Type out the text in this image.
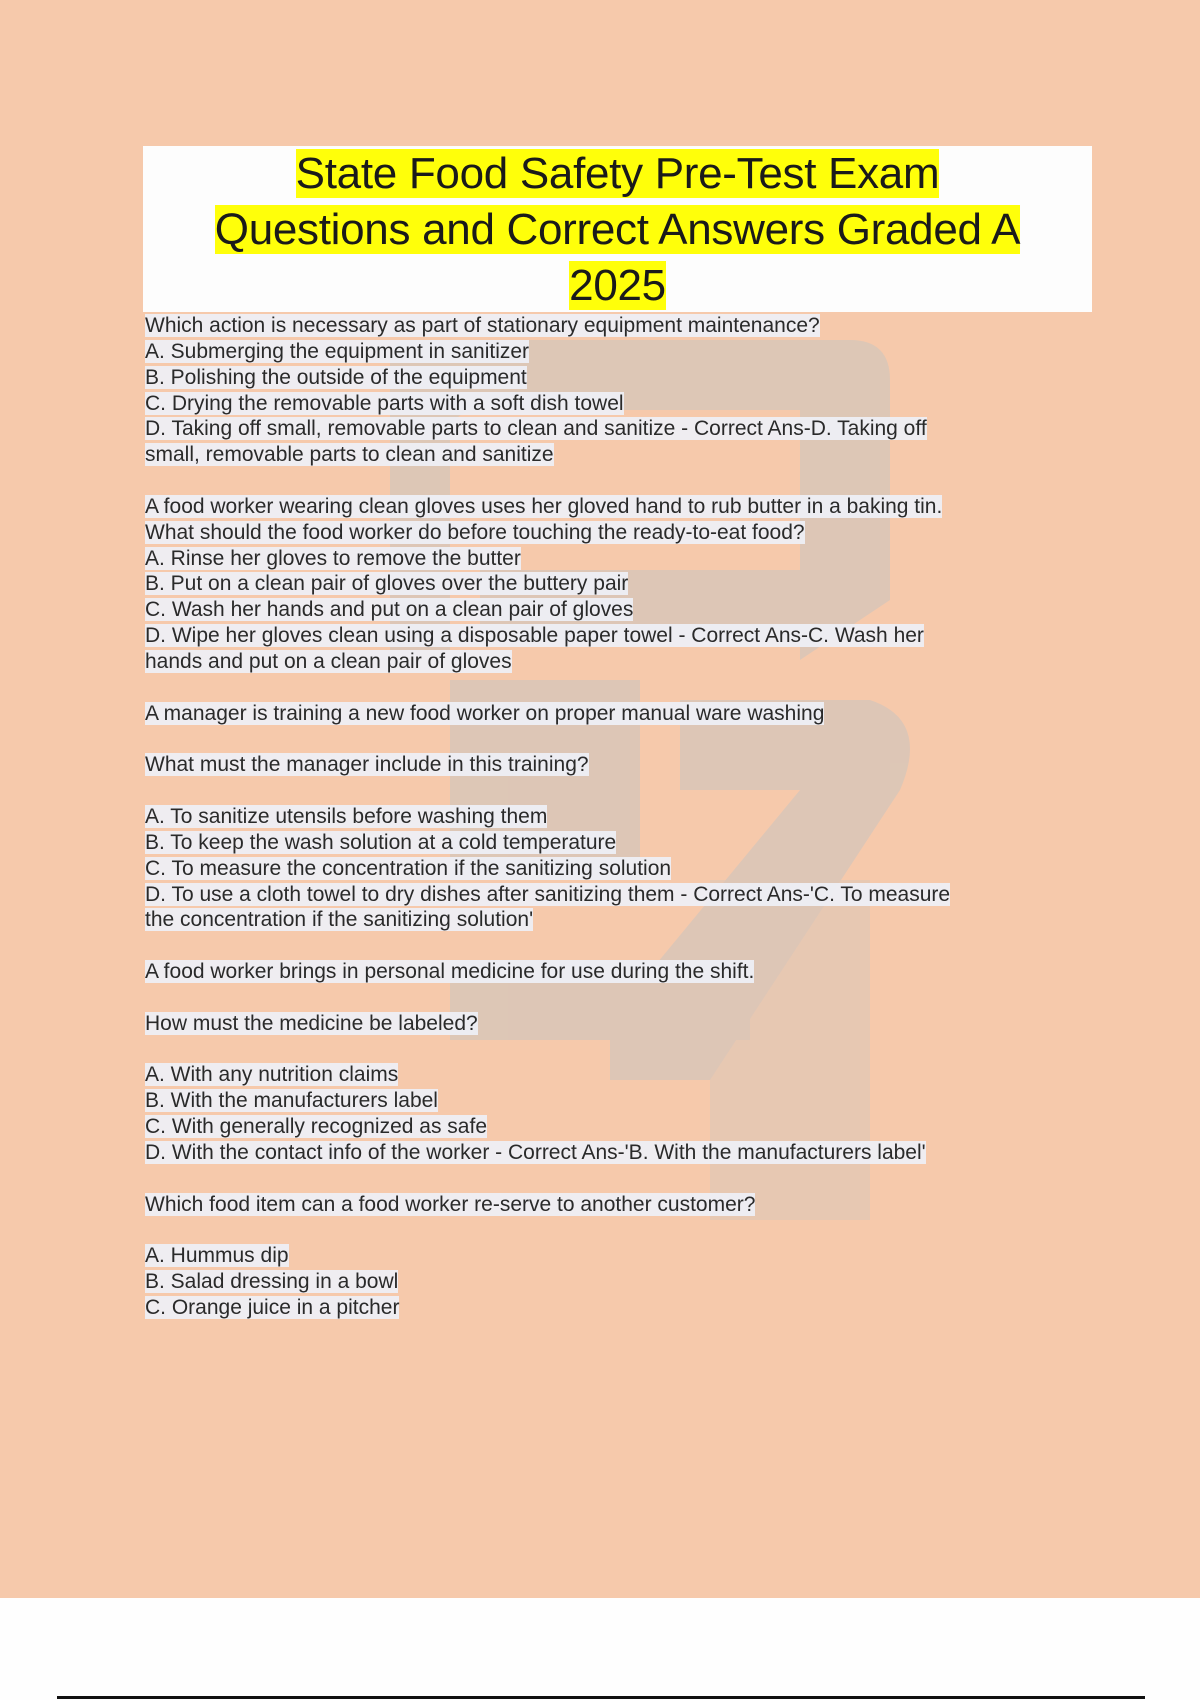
State Food Safety Pre-Test Exam
Questions and Correct Answers Graded A
2025
Which action is necessary as part of stationary equipment maintenance?
A. Submerging the equipment in sanitizer
B. Polishing the outside of the equipment
C. Drying the removable parts with a soft dish towel
D. Taking off small, removable parts to clean and sanitize - Correct Ans-D. Taking off
small, removable parts to clean and sanitize
A food worker wearing clean gloves uses her gloved hand to rub butter in a baking tin.
What should the food worker do before touching the ready-to-eat food?
A. Rinse her gloves to remove the butter
B. Put on a clean pair of gloves over the buttery pair
C. Wash her hands and put on a clean pair of gloves
D. Wipe her gloves clean using a disposable paper towel - Correct Ans-C. Wash her
hands and put on a clean pair of gloves
A manager is training a new food worker on proper manual ware washing
What must the manager include in this training?
A. To sanitize utensils before washing them
B. To keep the wash solution at a cold temperature
C. To measure the concentration if the sanitizing solution
D. To use a cloth towel to dry dishes after sanitizing them - Correct Ans-'C. To measure
the concentration if the sanitizing solution'
A food worker brings in personal medicine for use during the shift.
How must the medicine be labeled?
A. With any nutrition claims
B. With the manufacturers label
C. With generally recognized as safe
D. With the contact info of the worker - Correct Ans-'B. With the manufacturers label'
Which food item can a food worker re-serve to another customer?
A. Hummus dip
B. Salad dressing in a bowl
C. Orange juice in a pitcher
